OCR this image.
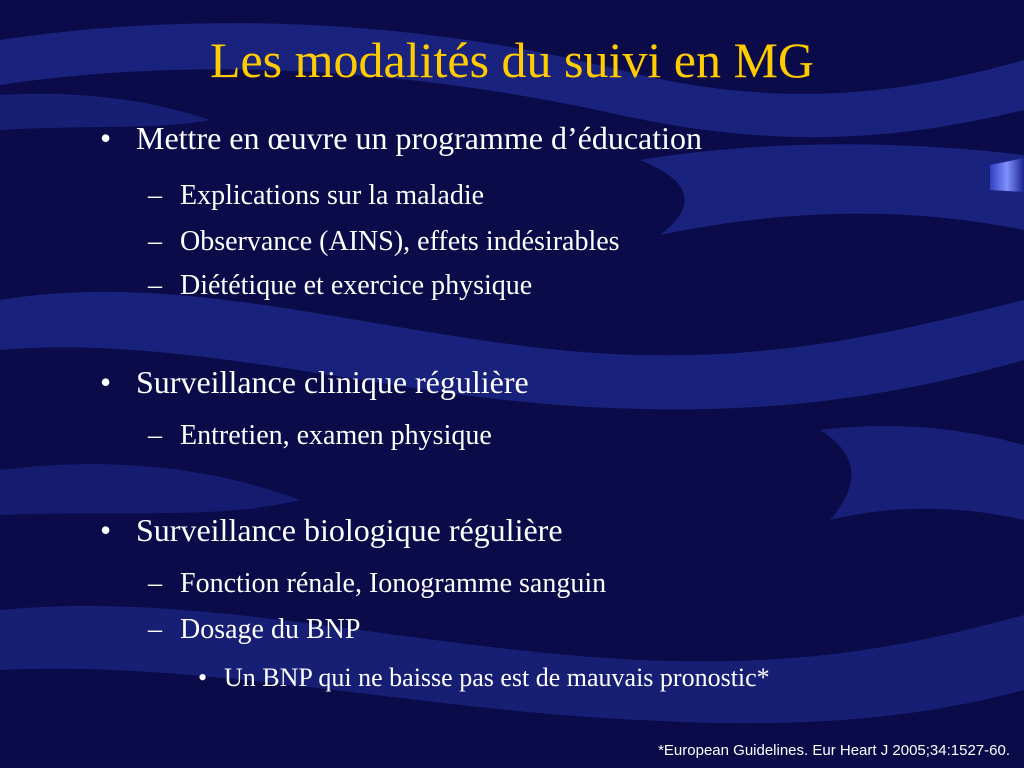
Les modalités du suivi en MG
• Mettre en œuvre un programme d’éducation
– Explications sur la maladie
– Observance (AINS), effets indésirables
– Diététique et exercice physique
• Surveillance clinique régulière
– Entretien, examen physique
• Surveillance biologique régulière
– Fonction rénale, Ionogramme sanguin
– Dosage du BNP
• Un BNP qui ne baisse pas est de mauvais pronostic*
*European Guidelines. Eur Heart J 2005;34:1527-60.
